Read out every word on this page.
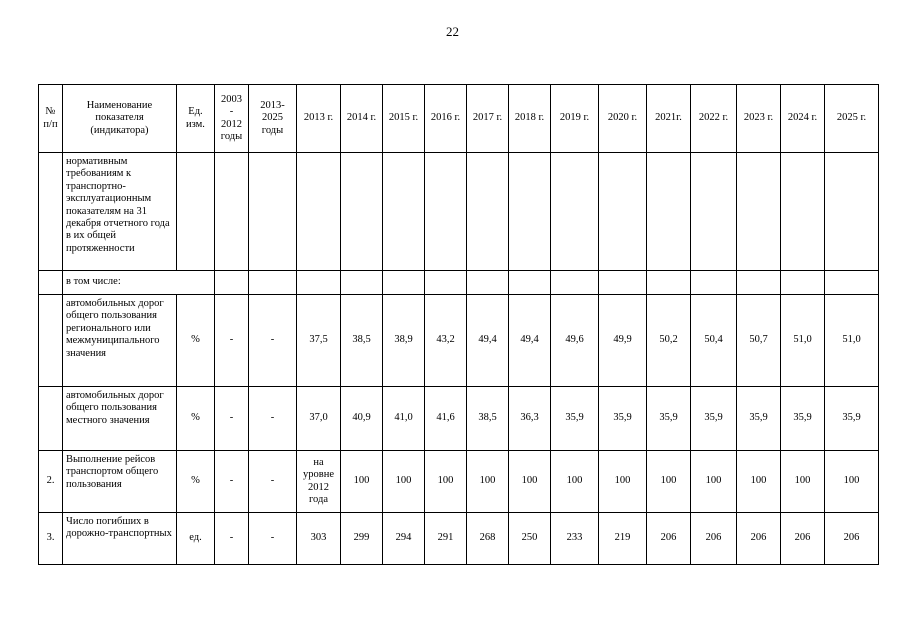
22
№ п/п	Наименование показателя (индикатора)	Ед. изм.	2003
-
2012
годы	2013-
2025
годы	2013 г.	2014 г.	2015 г.	2016 г.	2017 г.	2018 г.	2019 г.	2020 г.	2021г.	2022 г.	2023 г.	2024 г.	2025 г.
	нормативным требованиям к транспортно-эксплуатационным показателям на 31 декабря отчетного года в их общей протяженности																
	в том числе:																
	автомобильных дорог общего пользования регионального или межмуниципального значения	%	-	-	37,5	38,5	38,9	43,2	49,4	49,4	49,6	49,9	50,2	50,4	50,7	51,0	51,0
	автомобильных дорог общего пользования местного значения	%	-	-	37,0	40,9	41,0	41,6	38,5	36,3	35,9	35,9	35,9	35,9	35,9	35,9	35,9
2.	Выполнение рейсов транспортом общего пользования	%	-	-	на
уровне
2012
года	100	100	100	100	100	100	100	100	100	100	100	100
3.	Число погибших в дорожно-транспортных	ед.	-	-	303	299	294	291	268	250	233	219	206	206	206	206	206
